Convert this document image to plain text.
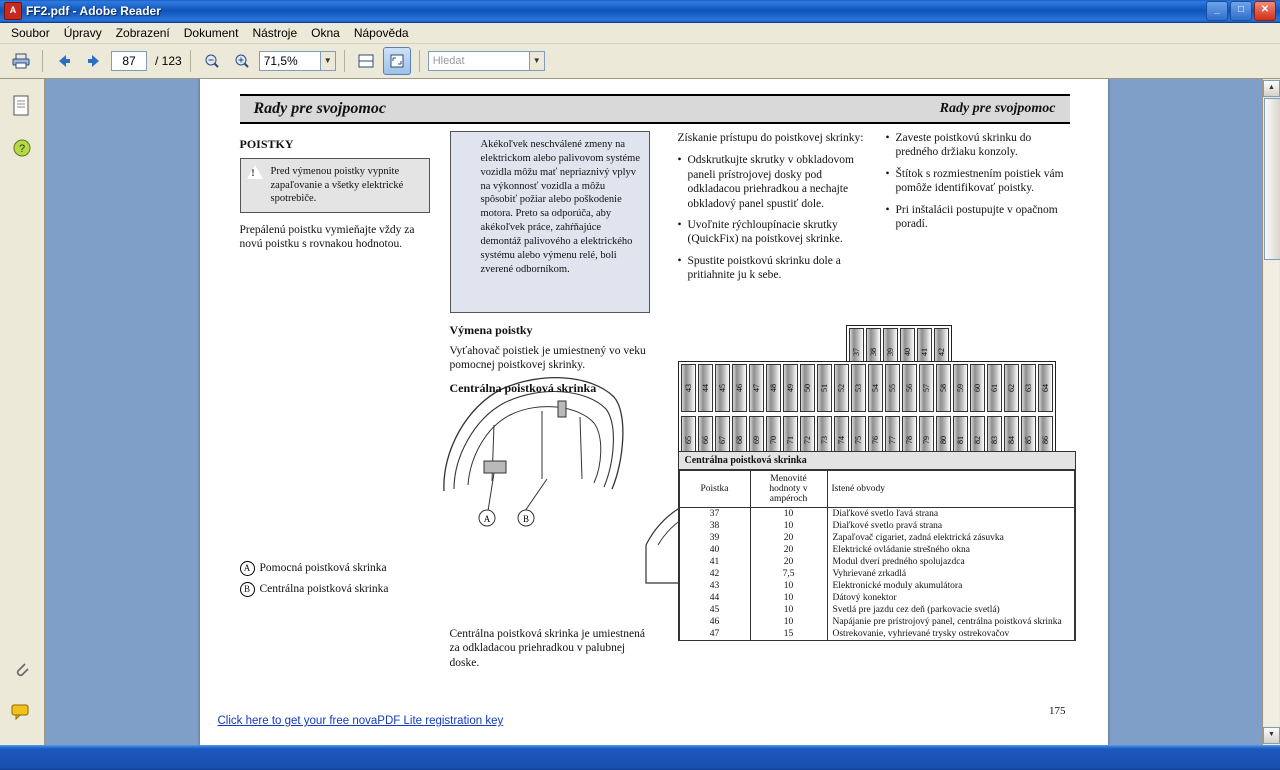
A FF2.pdf - Adobe Reader	_	□	✕
Soubor	Úpravy	Zobrazení	Dokument	Nástroje	Okna	Nápověda
87	/ 123	71,5%	▼	Hledat	▼
?
Rady pre svojpomoc	Rady pre svojpomoc
POISTKY
!
Pred výmenou poistky vypnite zapaľovanie a všetky elektrické spotrebiče.

Prepálenú poistku vymieňajte vždy za novú poistku s rovnakou hodnotou.

A	B
A Pomocná poistková skrinka
B Centrálna poistková skrinka
Akékoľvek neschválené zmeny na elektrickom alebo palivovom systéme vozidla môžu mať nepriaznivý vplyv na výkonnosť vozidla a môžu spôsobiť požiar alebo poškodenie motora. Preto sa odporúča, aby akékoľvek práce, zahŕňajúce demontáž palivového a elektrického systému alebo výmenu relé, boli zverené odborníkom.
Výmena poistky

Vyťahovač poistiek je umiestnený vo veku pomocnej poistkovej skrinky.

Centrálna poistková skrinka

Centrálna poistková skrinka je umiestnená za odkladacou priehradkou v palubnej doske.

Získanie prístupu do poistkovej skrinky:

• Odskrutkujte skrutky v obkladovom paneli prístrojovej dosky pod odkladacou priehradkou a nechajte obkladový panel spustiť dole.
• Uvoľnite rýchloupínacie skrutky (QuickFix) na poistkovej skrinke.
• Spustite poistkovú skrinku dole a pritiahnite ju k sebe.
• Zaveste poistkovú skrinku do predného držiaku konzoly.
• Štítok s rozmiestnením poistiek vám pomôže identifikovať poistky.
• Pri inštalácii postupujte v opačnom poradí.
37	38	39	40	41	42
43	44	45	46	47	48	49	50	51	52	53	54	55	56	57	58	59	60	61	62	63	64
65	66	67	68	69	70	71	72	73	74	75	76	77	78	79	80	81	82	83	84	85	86
Centrálna poistková skrinka
Poistka	Menovité hodnoty v ampéroch	Istené obvody
37	10	Diaľkové svetlo ľavá strana
38	10	Diaľkové svetlo pravá strana
39	20	Zapaľovač cigariet, zadná elektrická zásuvka
40	20	Elektrické ovládanie strešného okna
41	20	Modul dverí predného spolujazdca
42	7,5	Vyhrievané zrkadlá
43	10	Elektronické moduly akumulátora
44	10	Dátový konektor
45	10	Svetlá pre jazdu cez deň (parkovacie svetlá)
46	10	Napájanie pre prístrojový panel, centrálna poistková skrinka
47	15	Ostrekovanie, vyhrievané trysky ostrekovačov
Click here to get your free novaPDF Lite registration key
175
▲
▼
